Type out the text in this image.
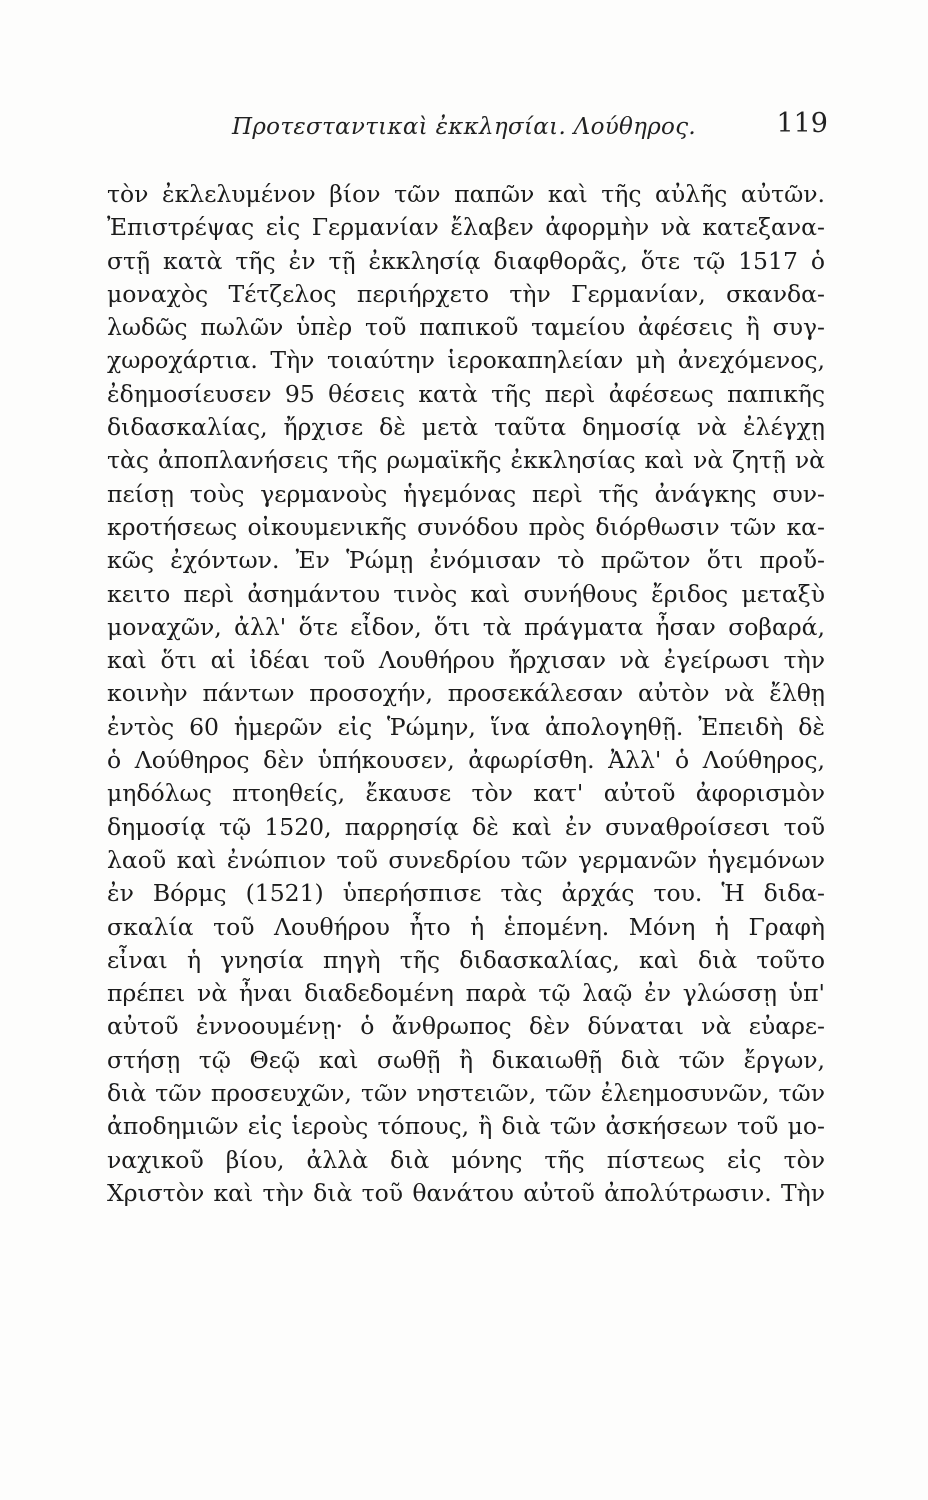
Προτεσταντικαὶ ἐκκλησίαι. Λούθηρος.	119
τὸν ἐκλελυμένον βίον τῶν παπῶν καὶ τῆς αὐλῆς αὐτῶν.
Ἐπιστρέψας εἰς Γερμανίαν ἔλαβεν ἀφορμὴν νὰ κατεξανα-
στῇ κατὰ τῆς ἐν τῇ ἐκκλησίᾳ διαφθορᾶς, ὅτε τῷ 1517 ὁ
μοναχὸς Τέτζελος περιήρχετο τὴν Γερμανίαν, σκανδα-
λωδῶς πωλῶν ὑπὲρ τοῦ παπικοῦ ταμείου ἀφέσεις ἢ συγ-
χωροχάρτια. Τὴν τοιαύτην ἱεροκαπηλείαν μὴ ἀνεχόμενος,
ἐδημοσίευσεν 95 θέσεις κατὰ τῆς περὶ ἀφέσεως παπικῆς
διδασκαλίας, ἤρχισε δὲ μετὰ ταῦτα δημοσίᾳ νὰ ἐλέγχῃ
τὰς ἀποπλανήσεις τῆς ρωμαϊκῆς ἐκκλησίας καὶ νὰ ζητῇ νὰ
πείσῃ τοὺς γερμανοὺς ἡγεμόνας περὶ τῆς ἀνάγκης συν-
κροτήσεως οἰκουμενικῆς συνόδου πρὸς διόρθωσιν τῶν κα-
κῶς ἐχόντων. Ἐν Ῥώμῃ ἐνόμισαν τὸ πρῶτον ὅτι προὔ-
κειτο περὶ ἀσημάντου τινὸς καὶ συνήθους ἔριδος μεταξὺ
μοναχῶν, ἀλλ' ὅτε εἶδον, ὅτι τὰ πράγματα ἦσαν σοβαρά,
καὶ ὅτι αἱ ἰδέαι τοῦ Λουθήρου ἤρχισαν νὰ ἐγείρωσι τὴν
κοινὴν πάντων προσοχήν, προσεκάλεσαν αὐτὸν νὰ ἔλθῃ
ἐντὸς 60 ἡμερῶν εἰς Ῥώμην, ἵνα ἀπολογηθῇ. Ἐπειδὴ δὲ
ὁ Λούθηρος δὲν ὑπήκουσεν, ἀφωρίσθη. Ἀλλ' ὁ Λούθηρος,
μηδόλως πτοηθείς, ἔκαυσε τὸν κατ' αὐτοῦ ἀφορισμὸν
δημοσίᾳ τῷ 1520, παρρησίᾳ δὲ καὶ ἐν συναθροίσεσι τοῦ
λαοῦ καὶ ἐνώπιον τοῦ συνεδρίου τῶν γερμανῶν ἡγεμόνων
ἐν Βόρμς (1521) ὑπερήσπισε τὰς ἀρχάς του. Ἡ διδα-
σκαλία τοῦ Λουθήρου ἦτο ἡ ἑπομένη. Μόνη ἡ Γραφὴ
εἶναι ἡ γνησία πηγὴ τῆς διδασκαλίας, καὶ διὰ τοῦτο
πρέπει νὰ ἦναι διαδεδομένη παρὰ τῷ λαῷ ἐν γλώσσῃ ὑπ'
αὐτοῦ ἐννοουμένῃ· ὁ ἄνθρωπος δὲν δύναται νὰ εὐαρε-
στήσῃ τῷ Θεῷ καὶ σωθῇ ἢ δικαιωθῇ διὰ τῶν ἔργων,
διὰ τῶν προσευχῶν, τῶν νηστειῶν, τῶν ἐλεημοσυνῶν, τῶν
ἀποδημιῶν εἰς ἱεροὺς τόπους, ἢ διὰ τῶν ἀσκήσεων τοῦ μο-
ναχικοῦ βίου, ἀλλὰ διὰ μόνης τῆς πίστεως εἰς τὸν
Χριστὸν καὶ τὴν διὰ τοῦ θανάτου αὐτοῦ ἀπολύτρωσιν. Τὴν
